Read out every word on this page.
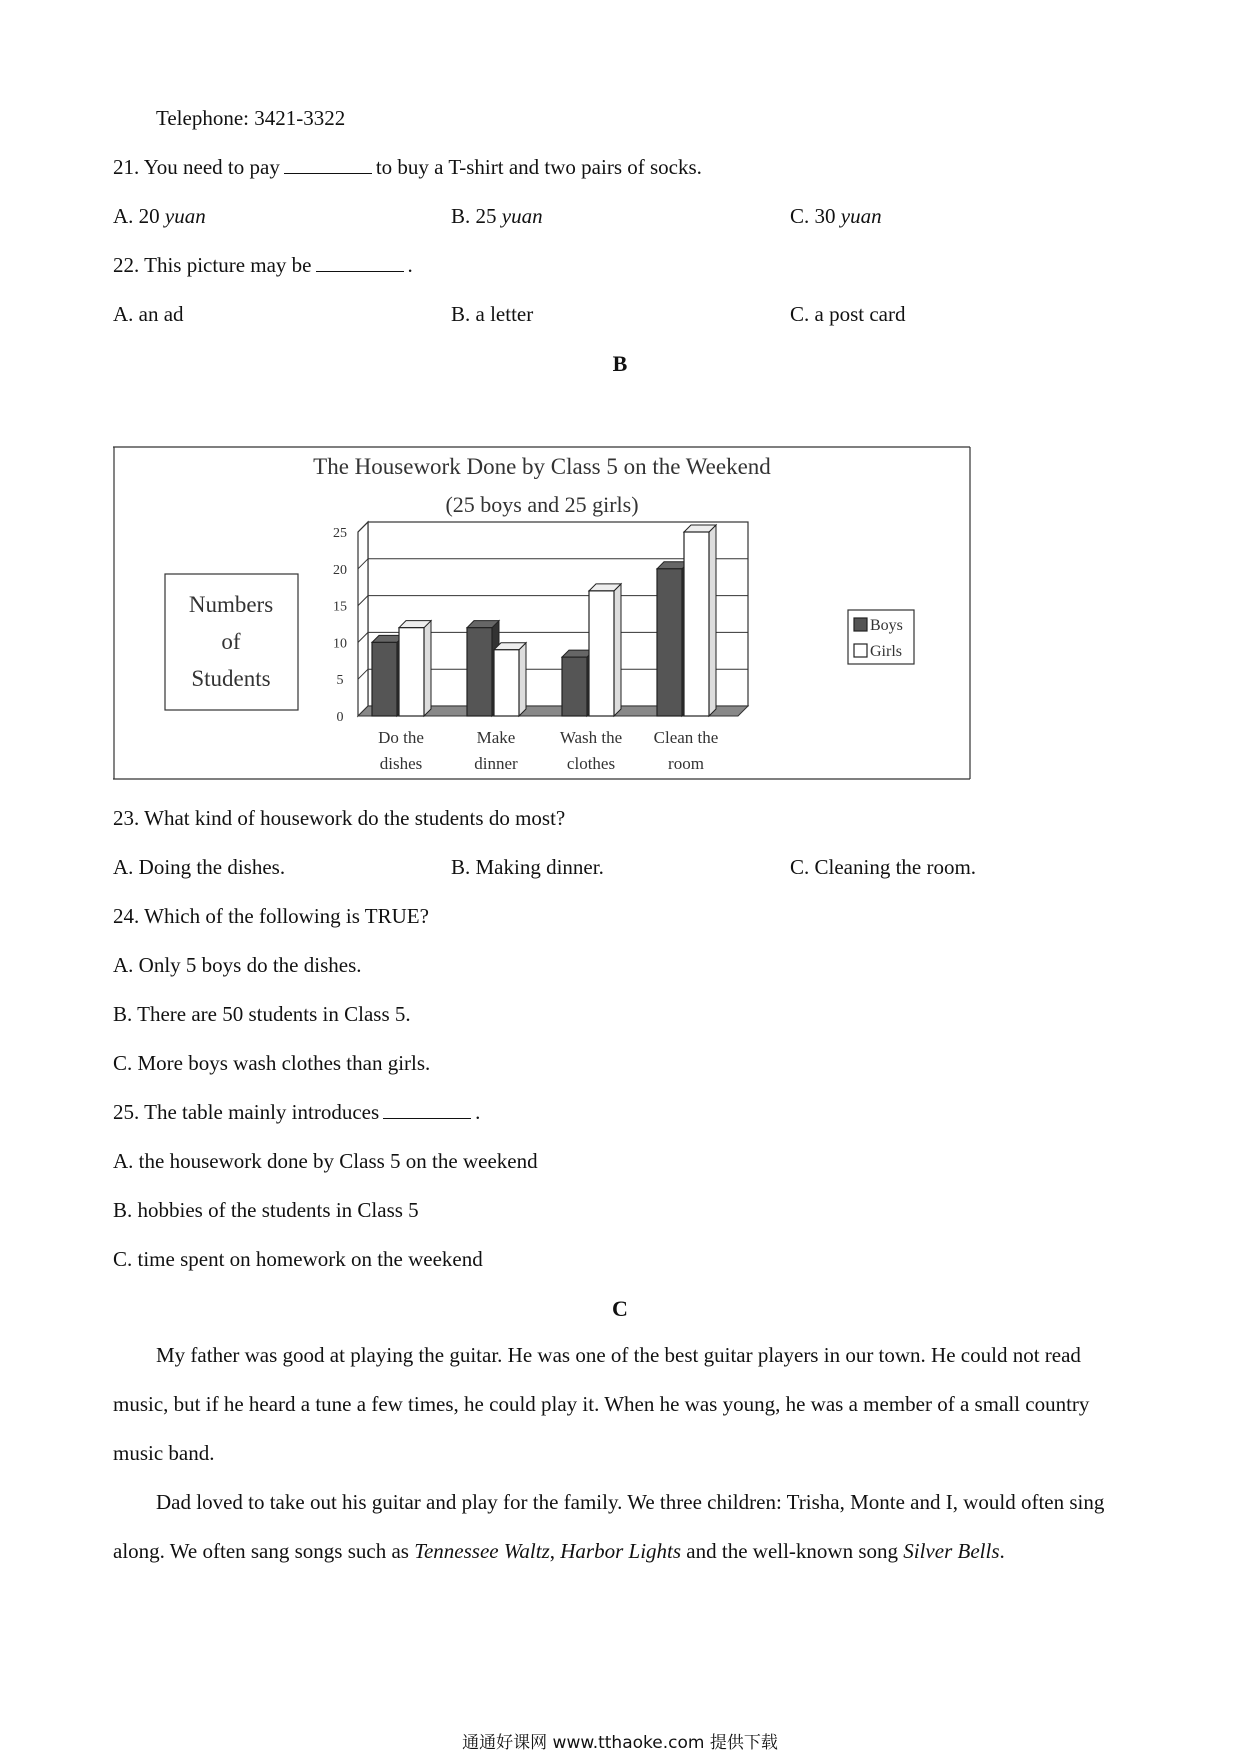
Telephone: 3421-3322
21. You need to pay	to buy a T-shirt and two pairs of socks.
A. 20 yuan	B. 25 yuan	C. 30 yuan
22. This picture may be	.
A. an ad	B. a letter	C. a post card
B
The Housework Done by Class 5 on the Weekend
(25 boys and 25 girls)
Numbers
of
Students
0
5
10
15
20
25
Do the
dishes
Make
dinner
Wash the
clothes
Clean the
room
Boys
Girls
23. What kind of housework do the students do most?
A. Doing the dishes.	B. Making dinner.	C. Cleaning the room.
24. Which of the following is TRUE?
A. Only 5 boys do the dishes.
B. There are 50 students in Class 5.
C. More boys wash clothes than girls.
25. The table mainly introduces	.
A. the housework done by Class 5 on the weekend
B. hobbies of the students in Class 5
C. time spent on homework on the weekend
C
My father was good at playing the guitar. He was one of the best guitar players in our town. He could not read music, but if he heard a tune a few times, he could play it. When he was young, he was a member of a small country music band.
Dad loved to take out his guitar and play for the family. We three children: Trisha, Monte and I, would often sing along. We often sang songs such as Tennessee Waltz, Harbor Lights and the well-known song Silver Bells.
通通好课网 www.tthaoke.com 提供下载
